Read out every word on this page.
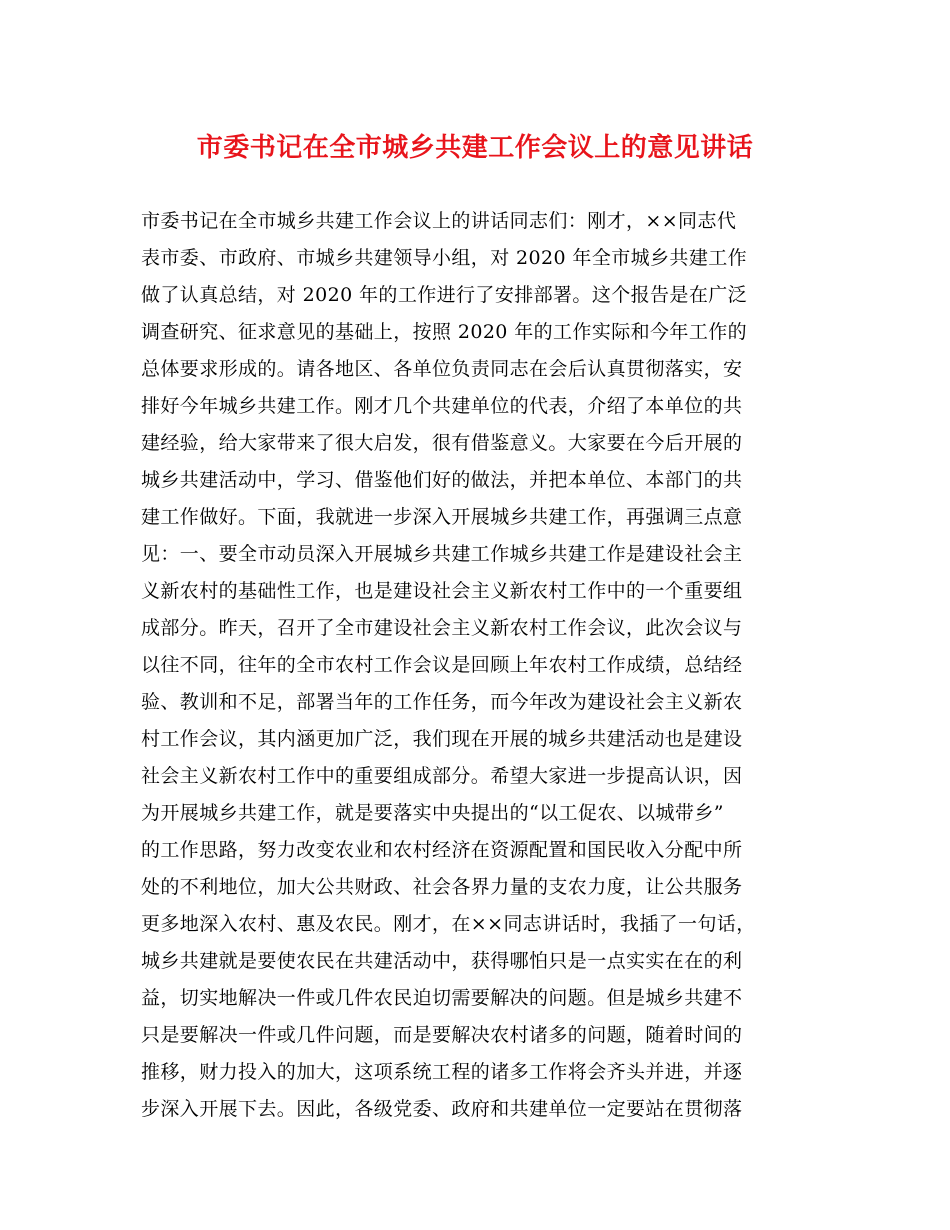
市委书记在全市城乡共建工作会议上的意见讲话
市委书记在全市城乡共建工作会议上的讲话同志们：刚才，××同志代
表市委、市政府、市城乡共建领导小组，对 2020 年全市城乡共建工作
做了认真总结，对 2020 年的工作进行了安排部署。这个报告是在广泛
调查研究、征求意见的基础上，按照 2020 年的工作实际和今年工作的
总体要求形成的。请各地区、各单位负责同志在会后认真贯彻落实，安
排好今年城乡共建工作。刚才几个共建单位的代表，介绍了本单位的共
建经验，给大家带来了很大启发，很有借鉴意义。大家要在今后开展的
城乡共建活动中，学习、借鉴他们好的做法，并把本单位、本部门的共
建工作做好。下面，我就进一步深入开展城乡共建工作，再强调三点意
见：一、要全市动员深入开展城乡共建工作城乡共建工作是建设社会主
义新农村的基础性工作，也是建设社会主义新农村工作中的一个重要组
成部分。昨天，召开了全市建设社会主义新农村工作会议，此次会议与
以往不同，往年的全市农村工作会议是回顾上年农村工作成绩，总结经
验、教训和不足，部署当年的工作任务，而今年改为建设社会主义新农
村工作会议，其内涵更加广泛，我们现在开展的城乡共建活动也是建设
社会主义新农村工作中的重要组成部分。希望大家进一步提高认识，因
为开展城乡共建工作，就是要落实中央提出的“以工促农、以城带乡”
的工作思路，努力改变农业和农村经济在资源配置和国民收入分配中所
处的不利地位，加大公共财政、社会各界力量的支农力度，让公共服务
更多地深入农村、惠及农民。刚才，在××同志讲话时，我插了一句话，
城乡共建就是要使农民在共建活动中，获得哪怕只是一点实实在在的利
益，切实地解决一件或几件农民迫切需要解决的问题。但是城乡共建不
只是要解决一件或几件问题，而是要解决农村诸多的问题，随着时间的
推移，财力投入的加大，这项系统工程的诸多工作将会齐头并进，并逐
步深入开展下去。因此，各级党委、政府和共建单位一定要站在贯彻落
